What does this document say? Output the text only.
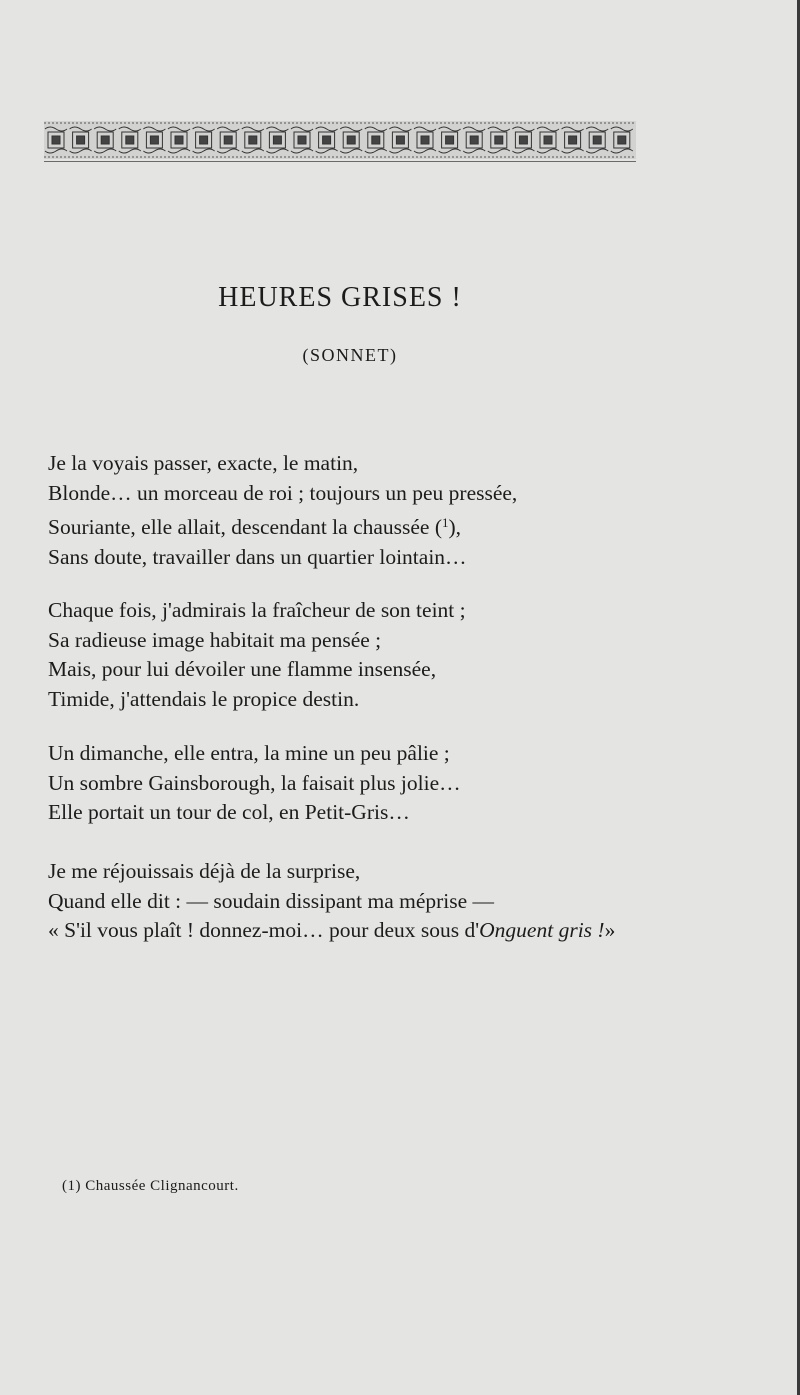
HEURES GRISES !

(SONNET)

Je la voyais passer, exacte, le matin,
Blonde… un morceau de roi ; toujours un peu pressée,
Souriante, elle allait, descendant la chaussée ($^1$),
Sans doute, travailler dans un quartier lointain…
Chaque fois, j'admirais la fraîcheur de son teint ;
Sa radieuse image habitait ma pensée ;
Mais, pour lui dévoiler une flamme insensée,
Timide, j'attendais le propice destin.
Un dimanche, elle entra, la mine un peu pâlie ;
Un sombre Gainsborough, la faisait plus jolie…
Elle portait un tour de col, en Petit-Gris…
Je me réjouissais déjà de la surprise,
Quand elle dit : — soudain dissipant ma méprise —
« S'il vous plaît ! donnez-moi… pour deux sous d'Onguent gris !»
(1) Chaussée Clignancourt.
